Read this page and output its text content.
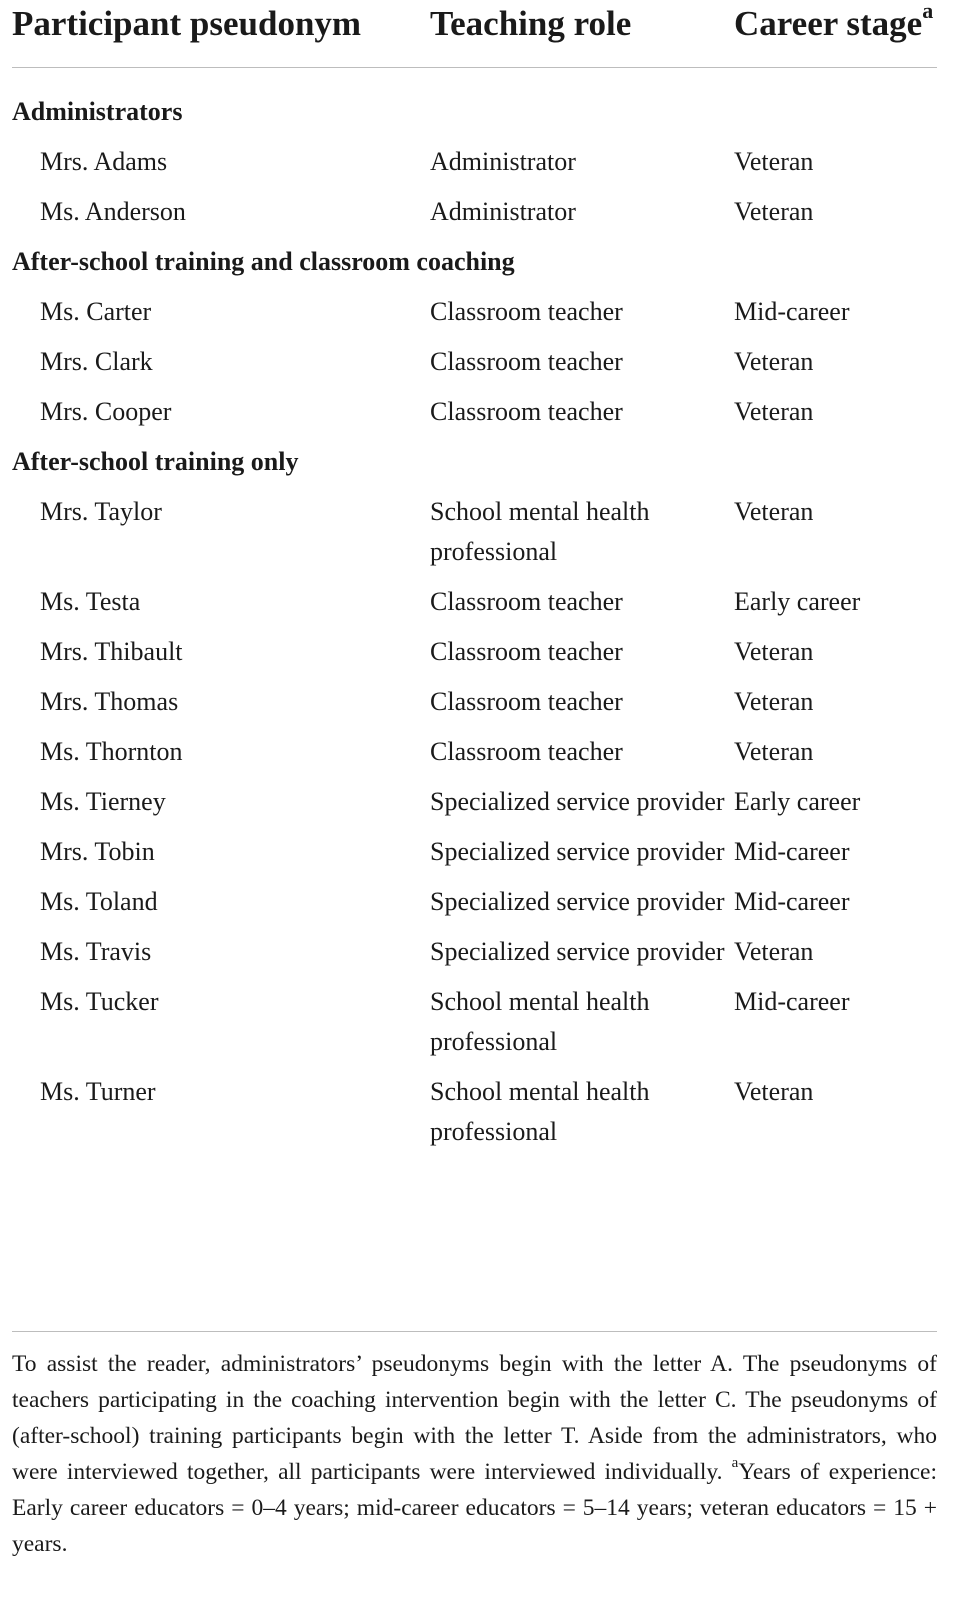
Participant pseudonym	Teaching role	Career stage$^a$
Administrators		
Mrs. Adams	Administrator	Veteran
Ms. Anderson	Administrator	Veteran
After-school training and classroom coaching		
Ms. Carter	Classroom teacher	Mid-career
Mrs. Clark	Classroom teacher	Veteran
Mrs. Cooper	Classroom teacher	Veteran
After-school training only		
Mrs. Taylor	School mental health professional	Veteran
Ms. Testa	Classroom teacher	Early career
Mrs. Thibault	Classroom teacher	Veteran
Mrs. Thomas	Classroom teacher	Veteran
Ms. Thornton	Classroom teacher	Veteran
Ms. Tierney	Specialized service provider	Early career
Mrs. Tobin	Specialized service provider	Mid-career
Ms. Toland	Specialized service provider	Mid-career
Ms. Travis	Specialized service provider	Veteran
Ms. Tucker	School mental health professional	Mid-career
Ms. Turner	School mental health professional	Veteran
To assist the reader, administrators’ pseudonyms begin with the letter A. The pseudonyms of teachers participating in the coaching intervention begin with the letter C. The pseudonyms of (after-school) training participants begin with the letter T. Aside from the administrators, who were interviewed together, all participants were interviewed individually. $^a$Years of experience: Early career educators = 0–4 years; mid-career educators = 5–14 years; veteran educators = 15 + years.
